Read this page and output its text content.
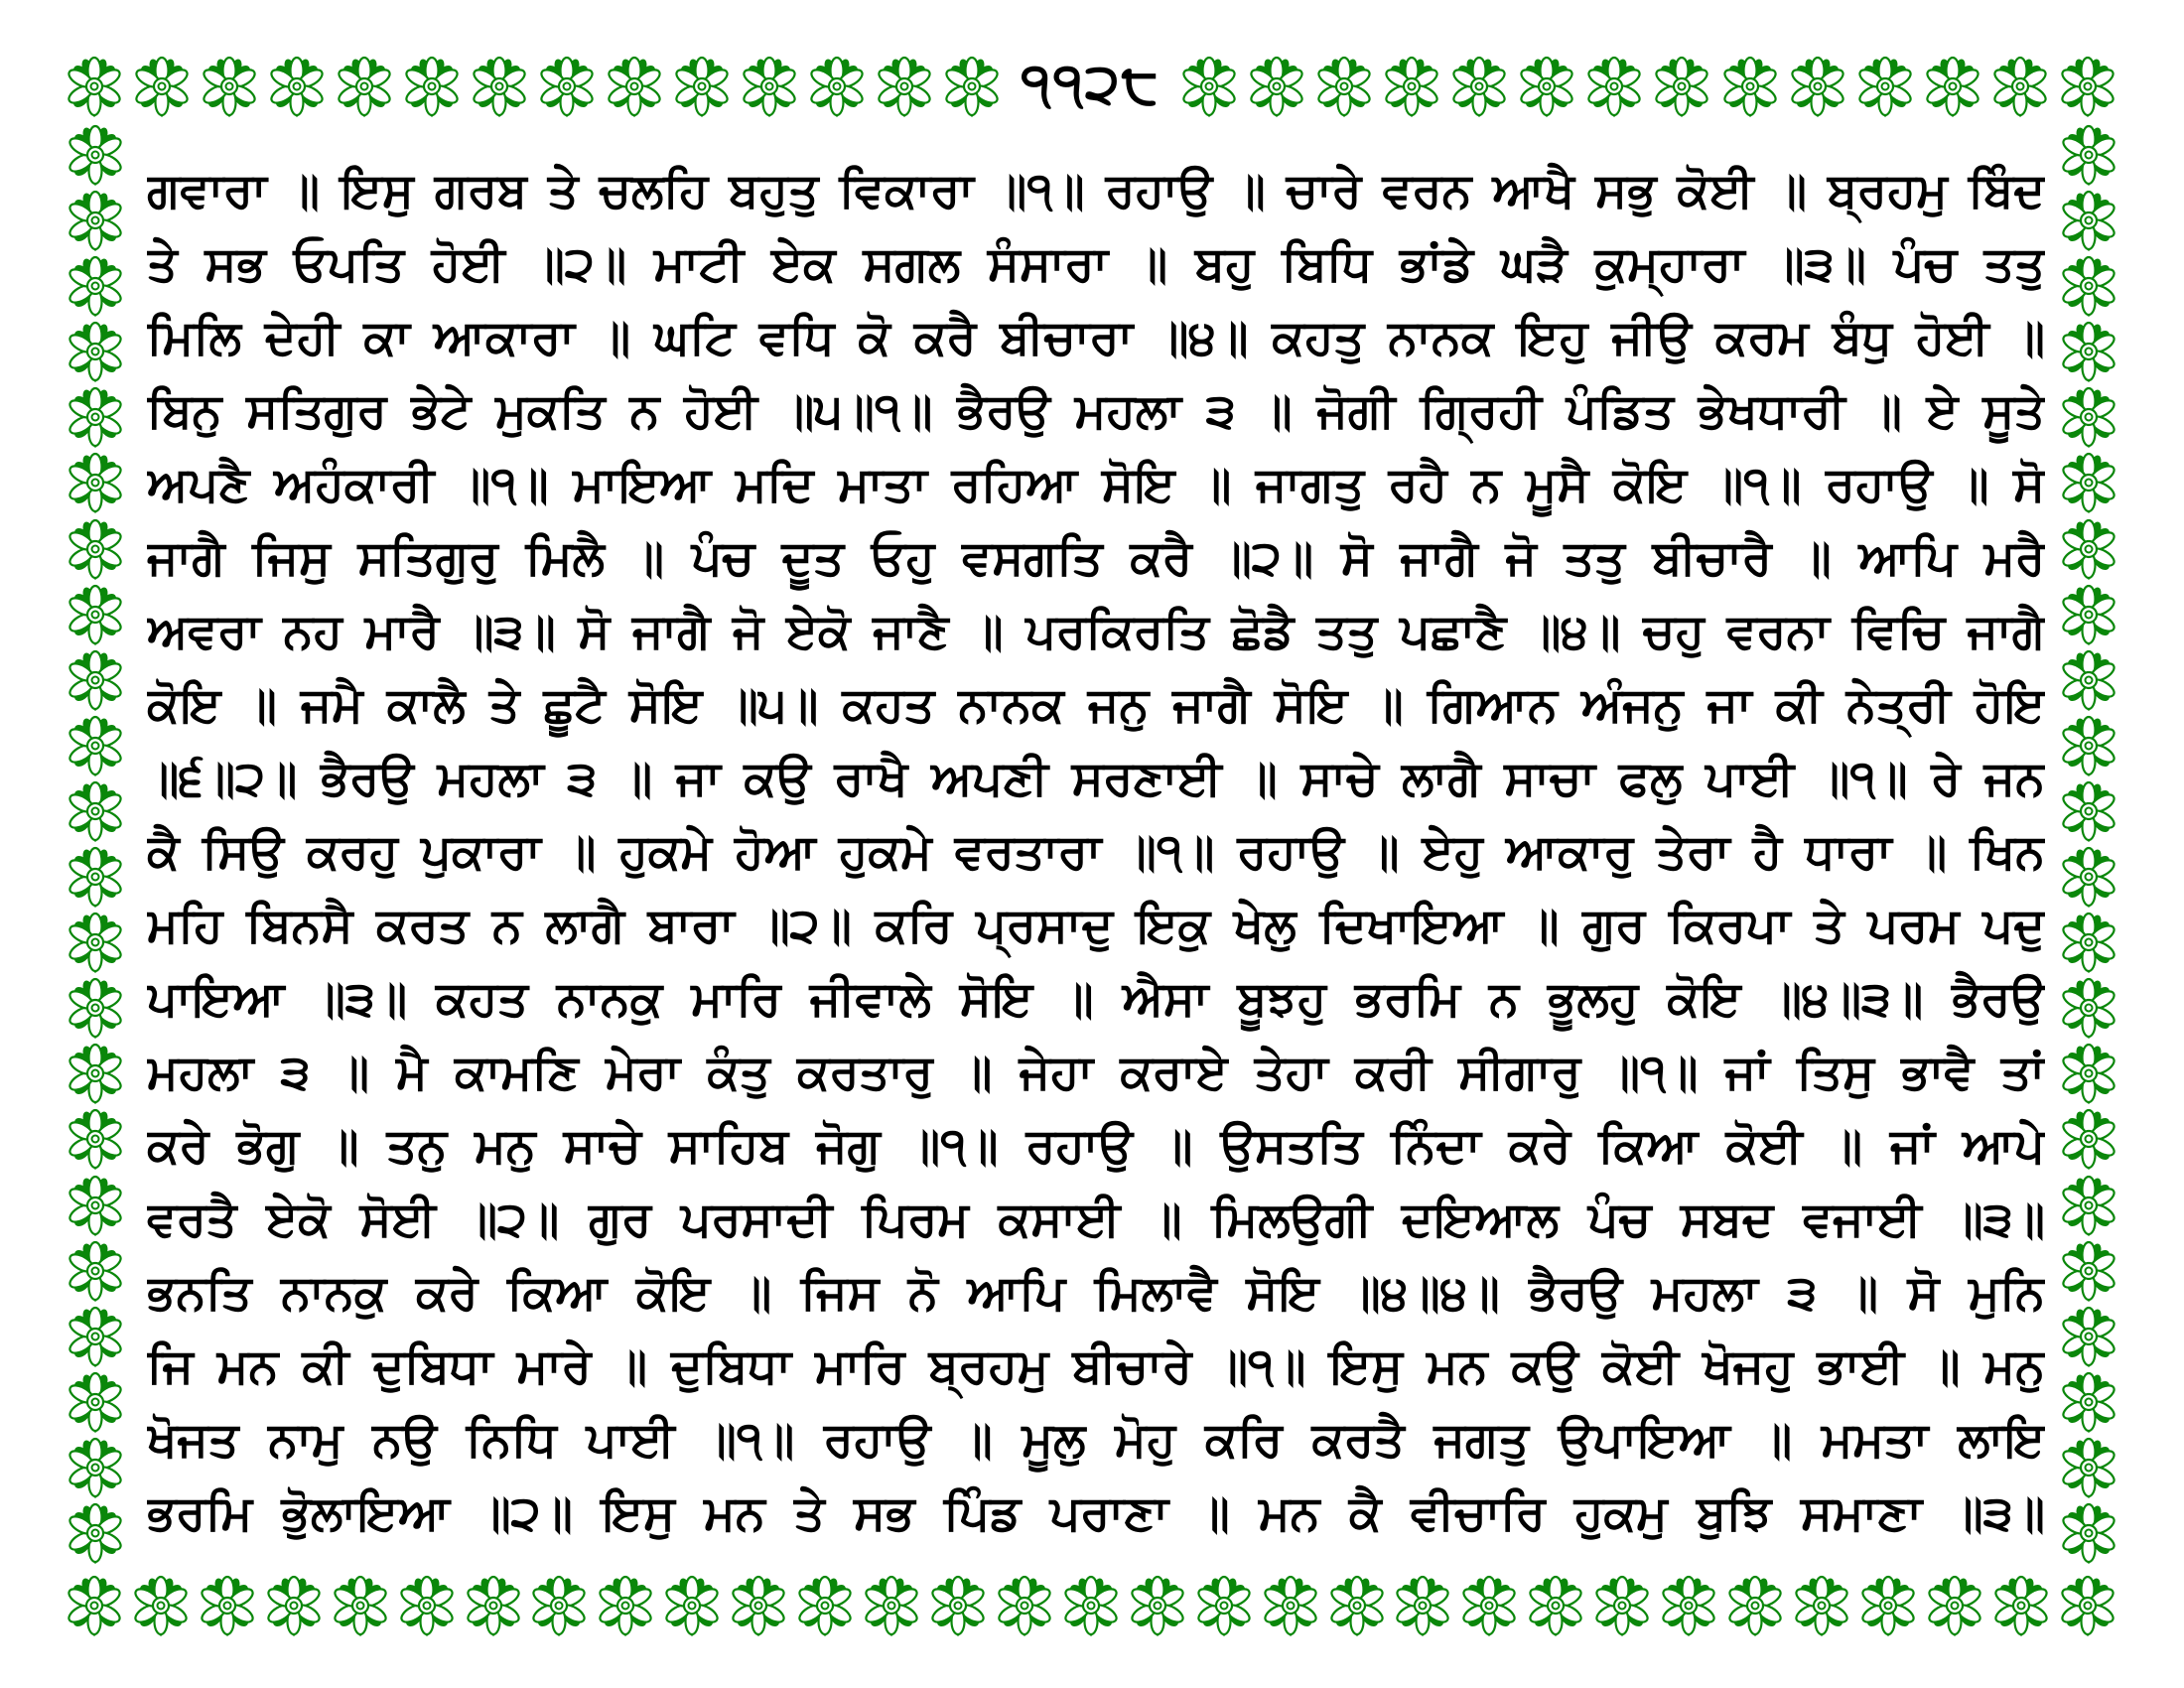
੧੧੨੮
ਗਵਾਰਾ ॥ ਇਸੁ ਗਰਬ ਤੇ ਚਲਹਿ ਬਹੁਤੁ ਵਿਕਾਰਾ ॥੧॥ ਰਹਾਉ ॥ ਚਾਰੇ ਵਰਨ ਆਖੈ ਸਭੁ ਕੋਈ ॥ ਬ੍ਰਹਮੁ ਬਿੰਦ
ਤੇ ਸਭ ਓਪਤਿ ਹੋਈ ॥੨॥ ਮਾਟੀ ਏਕ ਸਗਲ ਸੰਸਾਰਾ ॥ ਬਹੁ ਬਿਧਿ ਭਾਂਡੇ ਘੜੈ ਕੁਮ੍ਹਾਰਾ ॥੩॥ ਪੰਚ ਤਤੁ
ਮਿਲਿ ਦੇਹੀ ਕਾ ਆਕਾਰਾ ॥ ਘਟਿ ਵਧਿ ਕੋ ਕਰੈ ਬੀਚਾਰਾ ॥੪॥ ਕਹਤੁ ਨਾਨਕ ਇਹੁ ਜੀਉ ਕਰਮ ਬੰਧੁ ਹੋਈ ॥
ਬਿਨੁ ਸਤਿਗੁਰ ਭੇਟੇ ਮੁਕਤਿ ਨ ਹੋਈ ॥੫॥੧॥ ਭੈਰਉ ਮਹਲਾ ੩ ॥ ਜੋਗੀ ਗ੍ਰਿਹੀ ਪੰਡਿਤ ਭੇਖਧਾਰੀ ॥ ਏ ਸੂਤੇ
ਅਪਣੈ ਅਹੰਕਾਰੀ ॥੧॥ ਮਾਇਆ ਮਦਿ ਮਾਤਾ ਰਹਿਆ ਸੋਇ ॥ ਜਾਗਤੁ ਰਹੈ ਨ ਮੂਸੈ ਕੋਇ ॥੧॥ ਰਹਾਉ ॥ ਸੋ
ਜਾਗੈ ਜਿਸੁ ਸਤਿਗੁਰੁ ਮਿਲੈ ॥ ਪੰਚ ਦੂਤ ਓਹੁ ਵਸਗਤਿ ਕਰੈ ॥੨॥ ਸੋ ਜਾਗੈ ਜੋ ਤਤੁ ਬੀਚਾਰੈ ॥ ਆਪਿ ਮਰੈ
ਅਵਰਾ ਨਹ ਮਾਰੈ ॥੩॥ ਸੋ ਜਾਗੈ ਜੋ ਏਕੋ ਜਾਣੈ ॥ ਪਰਕਿਰਤਿ ਛੋਡੈ ਤਤੁ ਪਛਾਣੈ ॥੪॥ ਚਹੁ ਵਰਨਾ ਵਿਚਿ ਜਾਗੈ
ਕੋਇ ॥ ਜਮੈ ਕਾਲੈ ਤੇ ਛੂਟੈ ਸੋਇ ॥੫॥ ਕਹਤ ਨਾਨਕ ਜਨੁ ਜਾਗੈ ਸੋਇ ॥ ਗਿਆਨ ਅੰਜਨੁ ਜਾ ਕੀ ਨੇਤ੍ਰੀ ਹੋਇ
॥੬॥੨॥ ਭੈਰਉ ਮਹਲਾ ੩ ॥ ਜਾ ਕਉ ਰਾਖੈ ਅਪਣੀ ਸਰਣਾਈ ॥ ਸਾਚੇ ਲਾਗੈ ਸਾਚਾ ਫਲੁ ਪਾਈ ॥੧॥ ਰੇ ਜਨ
ਕੈ ਸਿਉ ਕਰਹੁ ਪੁਕਾਰਾ ॥ ਹੁਕਮੇ ਹੋਆ ਹੁਕਮੇ ਵਰਤਾਰਾ ॥੧॥ ਰਹਾਉ ॥ ਏਹੁ ਆਕਾਰੁ ਤੇਰਾ ਹੈ ਧਾਰਾ ॥ ਖਿਨ
ਮਹਿ ਬਿਨਸੈ ਕਰਤ ਨ ਲਾਗੈ ਬਾਰਾ ॥੨॥ ਕਰਿ ਪ੍ਰਸਾਦੁ ਇਕੁ ਖੇਲੁ ਦਿਖਾਇਆ ॥ ਗੁਰ ਕਿਰਪਾ ਤੇ ਪਰਮ ਪਦੁ
ਪਾਇਆ ॥੩॥ ਕਹਤ ਨਾਨਕੁ ਮਾਰਿ ਜੀਵਾਲੇ ਸੋਇ ॥ ਐਸਾ ਬੂਝਹੁ ਭਰਮਿ ਨ ਭੂਲਹੁ ਕੋਇ ॥੪॥੩॥ ਭੈਰਉ
ਮਹਲਾ ੩ ॥ ਮੈ ਕਾਮਣਿ ਮੇਰਾ ਕੰਤੁ ਕਰਤਾਰੁ ॥ ਜੇਹਾ ਕਰਾਏ ਤੇਹਾ ਕਰੀ ਸੀਗਾਰੁ ॥੧॥ ਜਾਂ ਤਿਸੁ ਭਾਵੈ ਤਾਂ
ਕਰੇ ਭੋਗੁ ॥ ਤਨੁ ਮਨੁ ਸਾਚੇ ਸਾਹਿਬ ਜੋਗੁ ॥੧॥ ਰਹਾਉ ॥ ਉਸਤਤਿ ਨਿੰਦਾ ਕਰੇ ਕਿਆ ਕੋਈ ॥ ਜਾਂ ਆਪੇ
ਵਰਤੈ ਏਕੋ ਸੋਈ ॥੨॥ ਗੁਰ ਪਰਸਾਦੀ ਪਿਰਮ ਕਸਾਈ ॥ ਮਿਲਉਗੀ ਦਇਆਲ ਪੰਚ ਸਬਦ ਵਜਾਈ ॥੩॥
ਭਨਤਿ ਨਾਨਕੁ ਕਰੇ ਕਿਆ ਕੋਇ ॥ ਜਿਸ ਨੋ ਆਪਿ ਮਿਲਾਵੈ ਸੋਇ ॥੪॥੪॥ ਭੈਰਉ ਮਹਲਾ ੩ ॥ ਸੋ ਮੁਨਿ
ਜਿ ਮਨ ਕੀ ਦੁਬਿਧਾ ਮਾਰੇ ॥ ਦੁਬਿਧਾ ਮਾਰਿ ਬ੍ਰਹਮੁ ਬੀਚਾਰੇ ॥੧॥ ਇਸੁ ਮਨ ਕਉ ਕੋਈ ਖੋਜਹੁ ਭਾਈ ॥ ਮਨੁ
ਖੋਜਤ ਨਾਮੁ ਨਉ ਨਿਧਿ ਪਾਈ ॥੧॥ ਰਹਾਉ ॥ ਮੂਲੁ ਮੋਹੁ ਕਰਿ ਕਰਤੈ ਜਗਤੁ ਉਪਾਇਆ ॥ ਮਮਤਾ ਲਾਇ
ਭਰਮਿ ਭੋੁਲਾਇਆ ॥੨॥ ਇਸੁ ਮਨ ਤੇ ਸਭ ਪਿੰਡ ਪਰਾਣਾ ॥ ਮਨ ਕੈ ਵੀਚਾਰਿ ਹੁਕਮੁ ਬੁਝਿ ਸਮਾਣਾ ॥੩॥
